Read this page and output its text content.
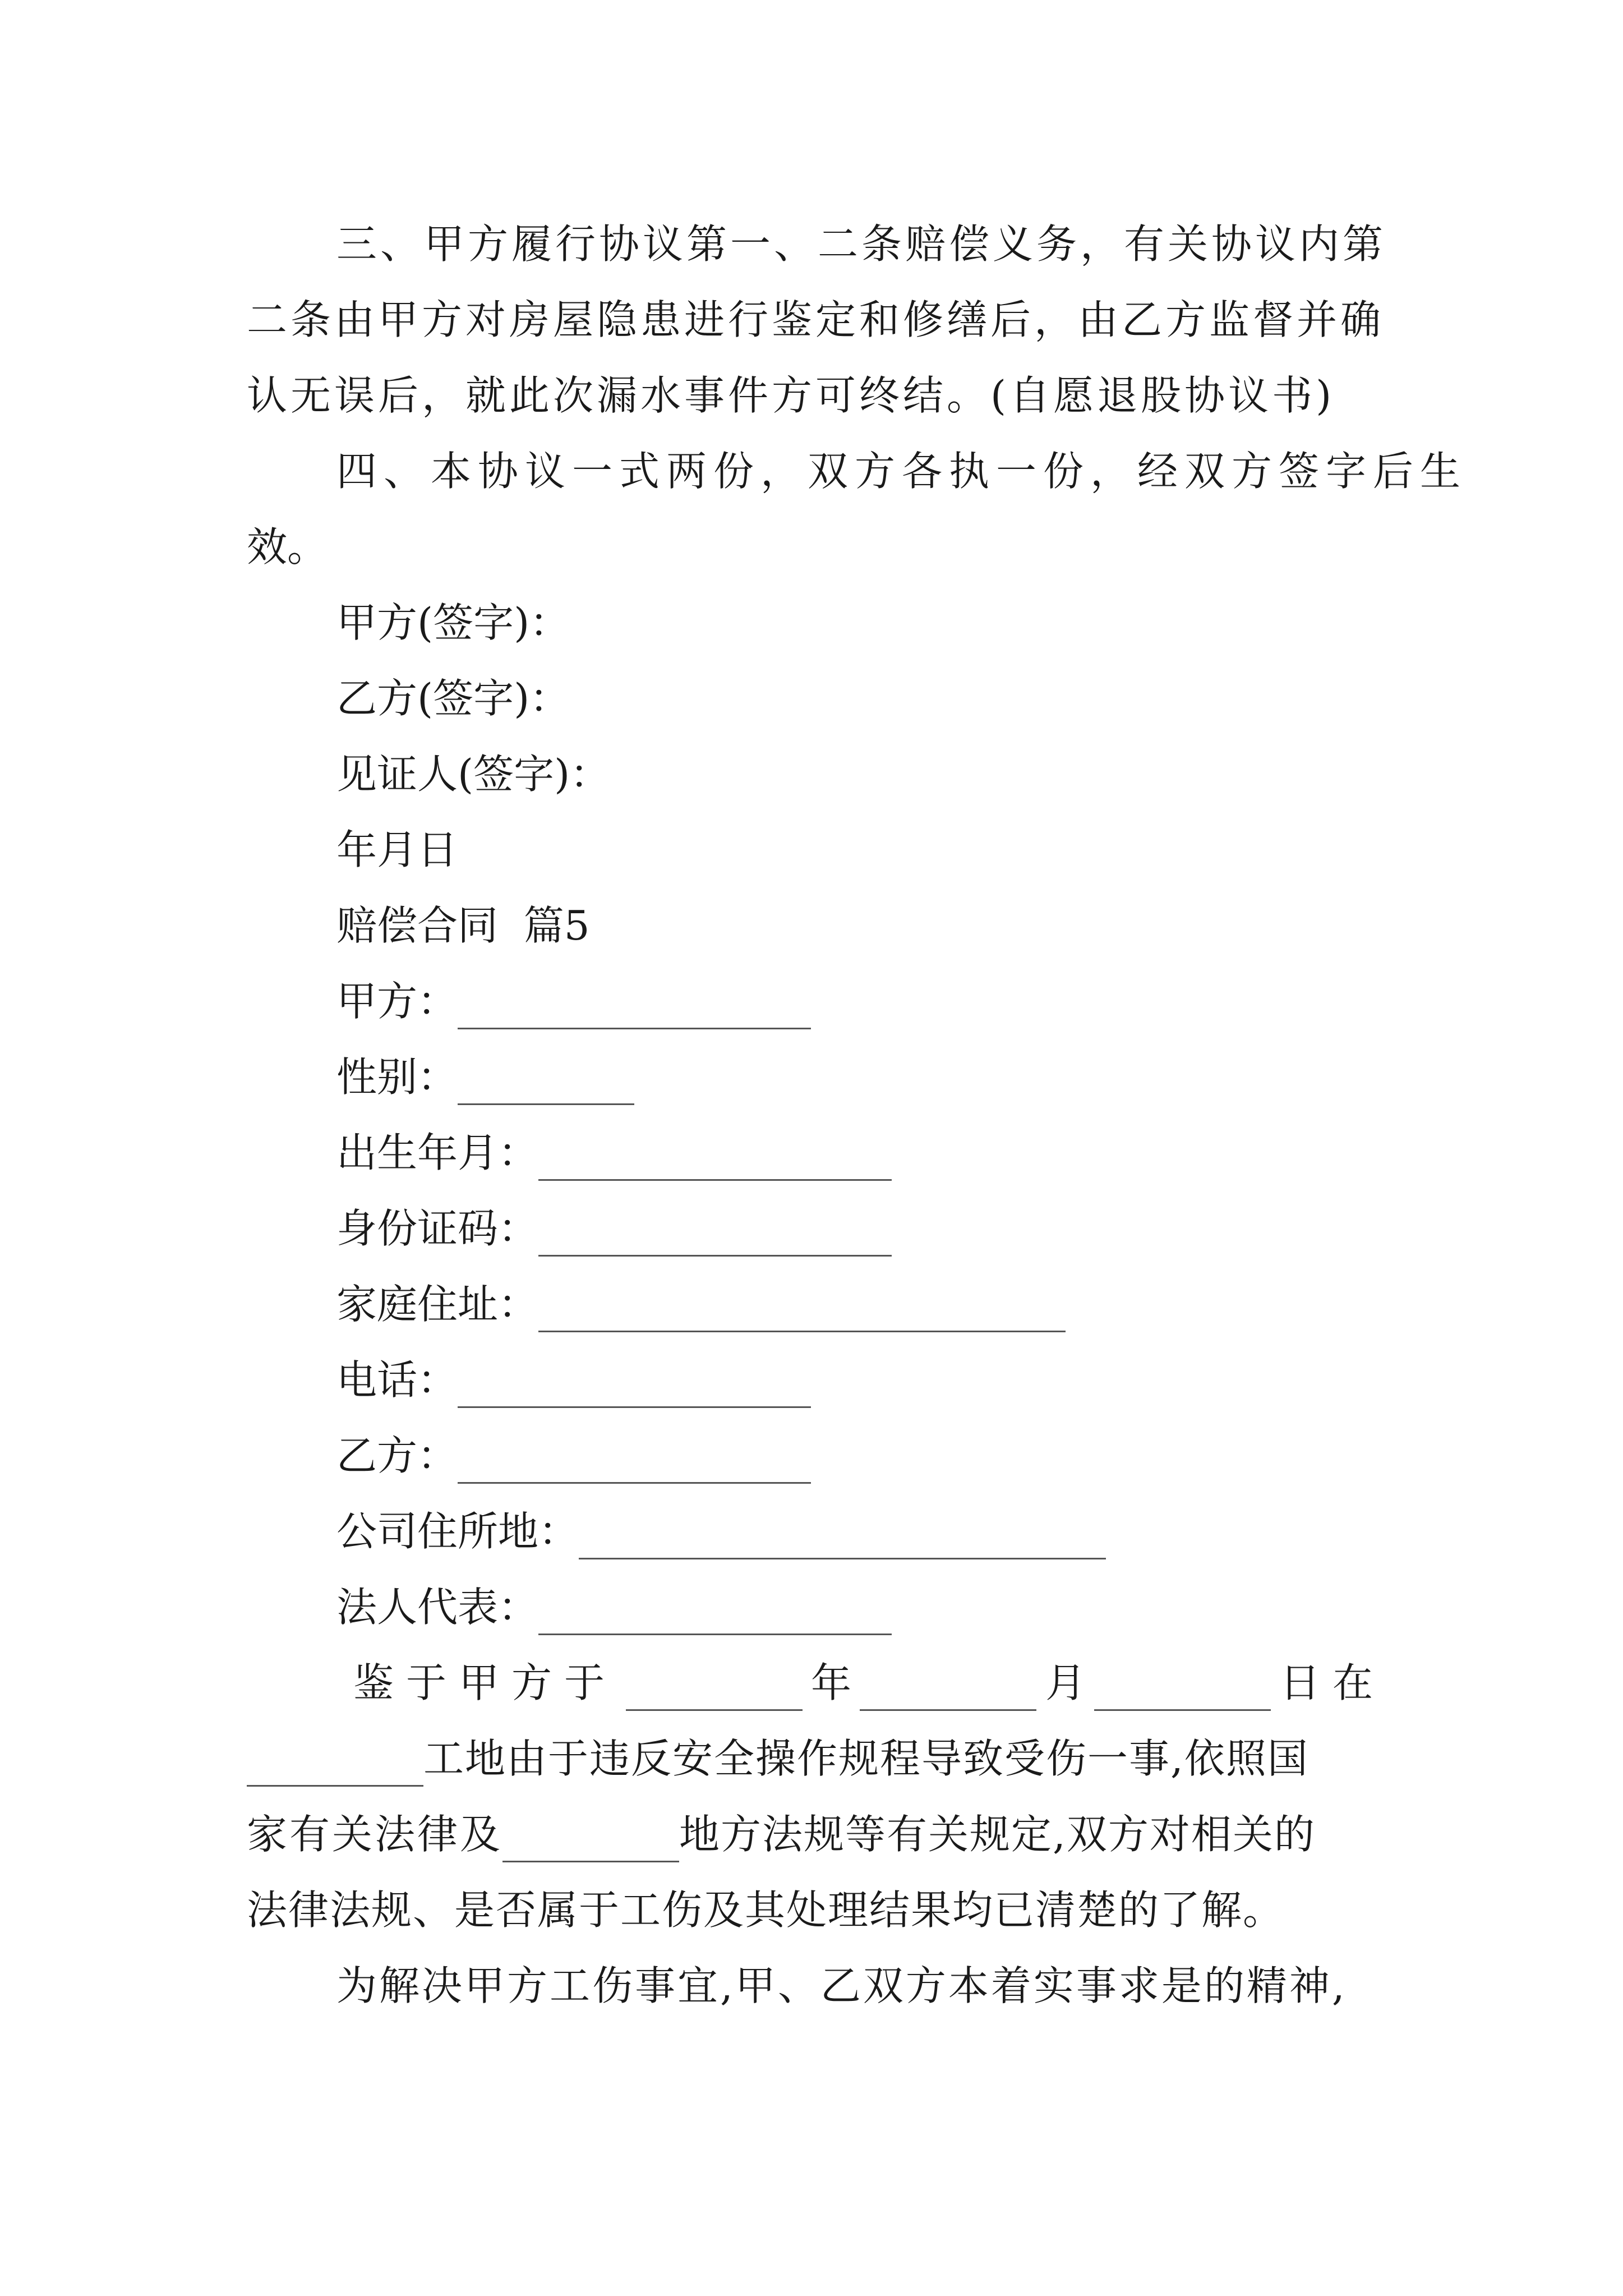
三、甲方履行协议第一、二条赔偿义务，有关协议内第
二条由甲方对房屋隐患进行鉴定和修缮后，由乙方监督并确
认无误后，就此次漏水事件方可终结。(自愿退股协议书)
四、本协议一式两份，双方各执一份，经双方签字后生
效。
甲方(签字)：
乙方(签字)：
见证人(签字)：
年月日
赔偿合同  篇5
甲方：
性别：
出生年月：
身份证码：
家庭住址：
电话：
乙方：
公司住所地：
法人代表：
鉴于甲方于	年	月	日在
工地由于违反安全操作规程导致受伤一事,依照国
家有关法律及	地方法规等有关规定,双方对相关的
法律法规、是否属于工伤及其处理结果均已清楚的了解。
为解决甲方工伤事宜,甲、乙双方本着实事求是的精神,
